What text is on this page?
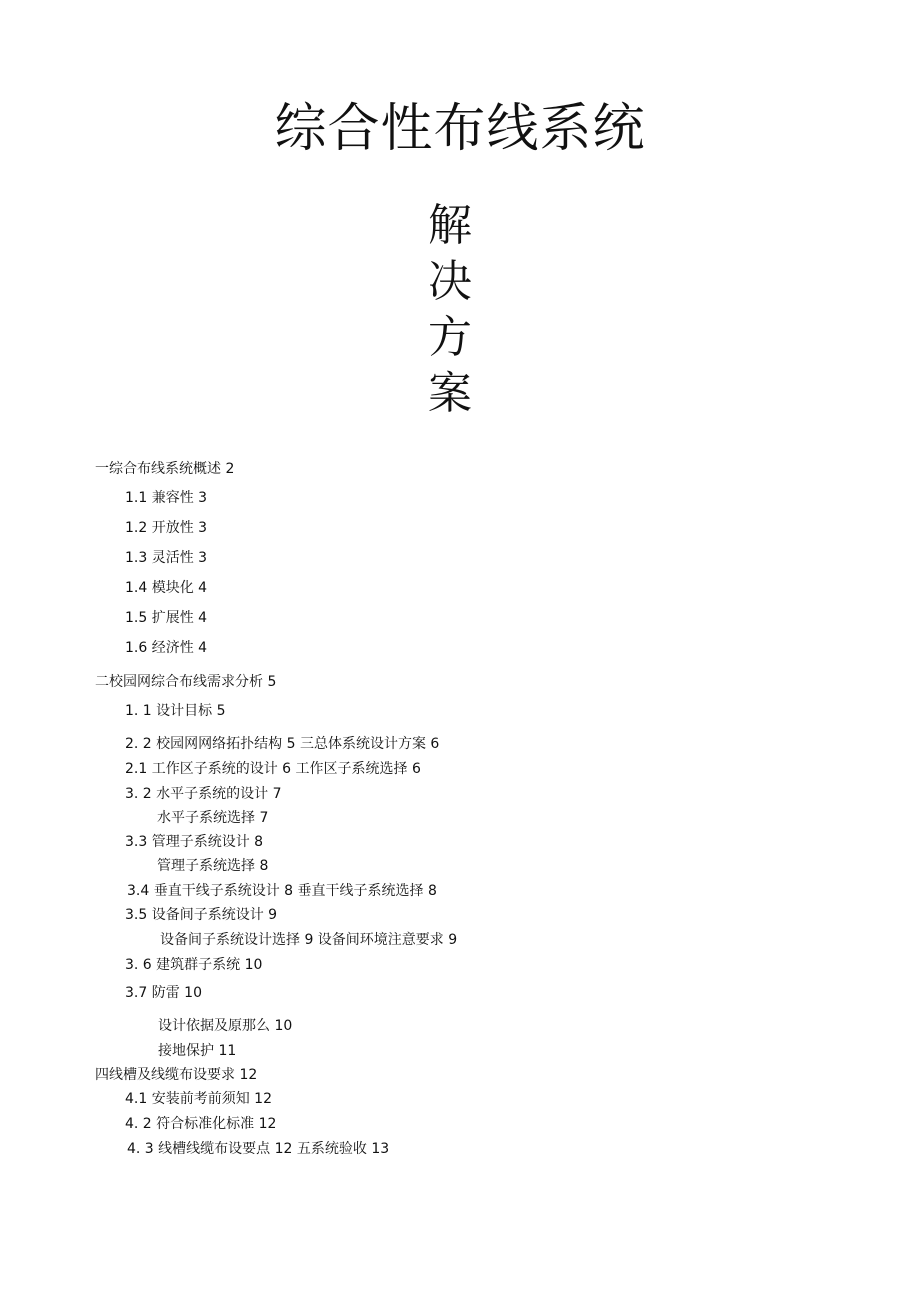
综合性布线系统
解
决
方
案
一综合布线系统概述 2
1.1 兼容性 3
1.2 开放性 3
1.3 灵活性 3
1.4 模块化 4
1.5 扩展性 4
1.6 经济性 4
二校园网综合布线需求分析 5
1. 1 设计目标 5
2. 2 校园网网络拓扑结构 5 三总体系统设计方案 6
2.1 工作区子系统的设计 6 工作区子系统选择 6
3. 2 水平子系统的设计 7
水平子系统选择 7
3.3 管理子系统设计 8
管理子系统选择 8
3.4 垂直干线子系统设计 8 垂直干线子系统选择 8
3.5 设备间子系统设计 9
设备间子系统设计选择 9 设备间环境注意要求 9
3. 6 建筑群子系统 10
3.7 防雷 10
设计依据及原那么 10
接地保护 11
四线槽及线缆布设要求 12
4.1 安装前考前须知 12
4. 2 符合标准化标准 12
4. 3 线槽线缆布设要点 12 五系统验收 13
